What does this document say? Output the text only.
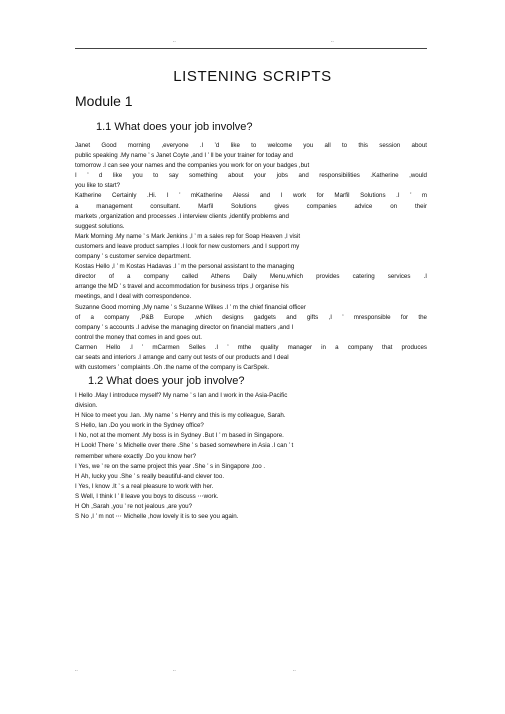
..	..
LISTENING SCRIPTS
Module 1
1.1 What does your job involve?

Janet Good morning ,everyone .I ’d like to welcome you all to this session about

public speaking .My name ’ s Janet Coyte ,and I ’ ll be your trainer for today and

tomorrow .I can see your names and the companies you work for on your badges ,but

I ’ d like you to say something about your jobs and responsibilities .Katherine ,would

you like to start?

Katherine Certainly .Hi. I ’ mKatherine Alessi and I work for Marfil Solutions .I ’ m

a management consultant. Marfil Solutions gives companies advice on their

markets ,organization and processes .I interview clients ,identify problems and

suggest solutions.

Mark Morning .My name ’ s Mark Jenkins ,I ’ m a sales rep for Soap Heaven ,I visit

customers and leave product samples .I look for new customers ,and I support my

company ’ s customer service department.

Kostas Hello ,I ’ m Kostas Hadavas .I ’ m the personal assistant to the managing

director of a company called Athens Daily Menu,which provides catering services .I

arrange the MD ’ s travel and accommodation for business trips ,I organise his

meetings, and I deal with correspondence.

Suzanne Good morning ,My name ’ s Suzanne Wilkes .I ’ m the chief financial officer

of a company ,P&B Europe ,which designs gadgets and gifts ,I ’ mresponsible for the

company ’ s accounts .I advise the managing director on financial matters ,and I

control the money that comes in and goes out.

Carmen Hello .I ’ mCarmen Selles .I ’ mthe quality manager in a company that produces

car seats and interiors .I arrange and carry out tests of our products and I deal

with customers ’ complaints .Oh .the name of the company is CarSpek.

1.2 What does your job involve?

I Hello .May I introduce myself? My name ’ s Ian and I work in the Asia-Pacific

division.

H Nice to meet you .Ian. .My name ’ s Henry and this is my colleague, Sarah.

S Hello, Ian .Do you work in the Sydney office?

I No, not at the moment .My boss is in Sydney .But I ’ m based in Singapore.

H Look! There ’ s Michelle over there .She ’ s based somewhere in Asia .I can ’ t

remember where exactly .Do you know her?

I Yes, we ’ re on the same project this year .She ’ s in Singapore ,too .

H Ah, lucky you .She ’ s really beautiful-and clever too.

I Yes, I know .It ’ s a real pleasure to work with her.

S Well, I think I ’ ll leave you boys to discuss ⋯work.

H Oh ,Sarah ,you ’ re not jealous ,are you?

S No ,I ’ m not ⋯ Michelle ,how lovely it is to see you again.

..	..	..
